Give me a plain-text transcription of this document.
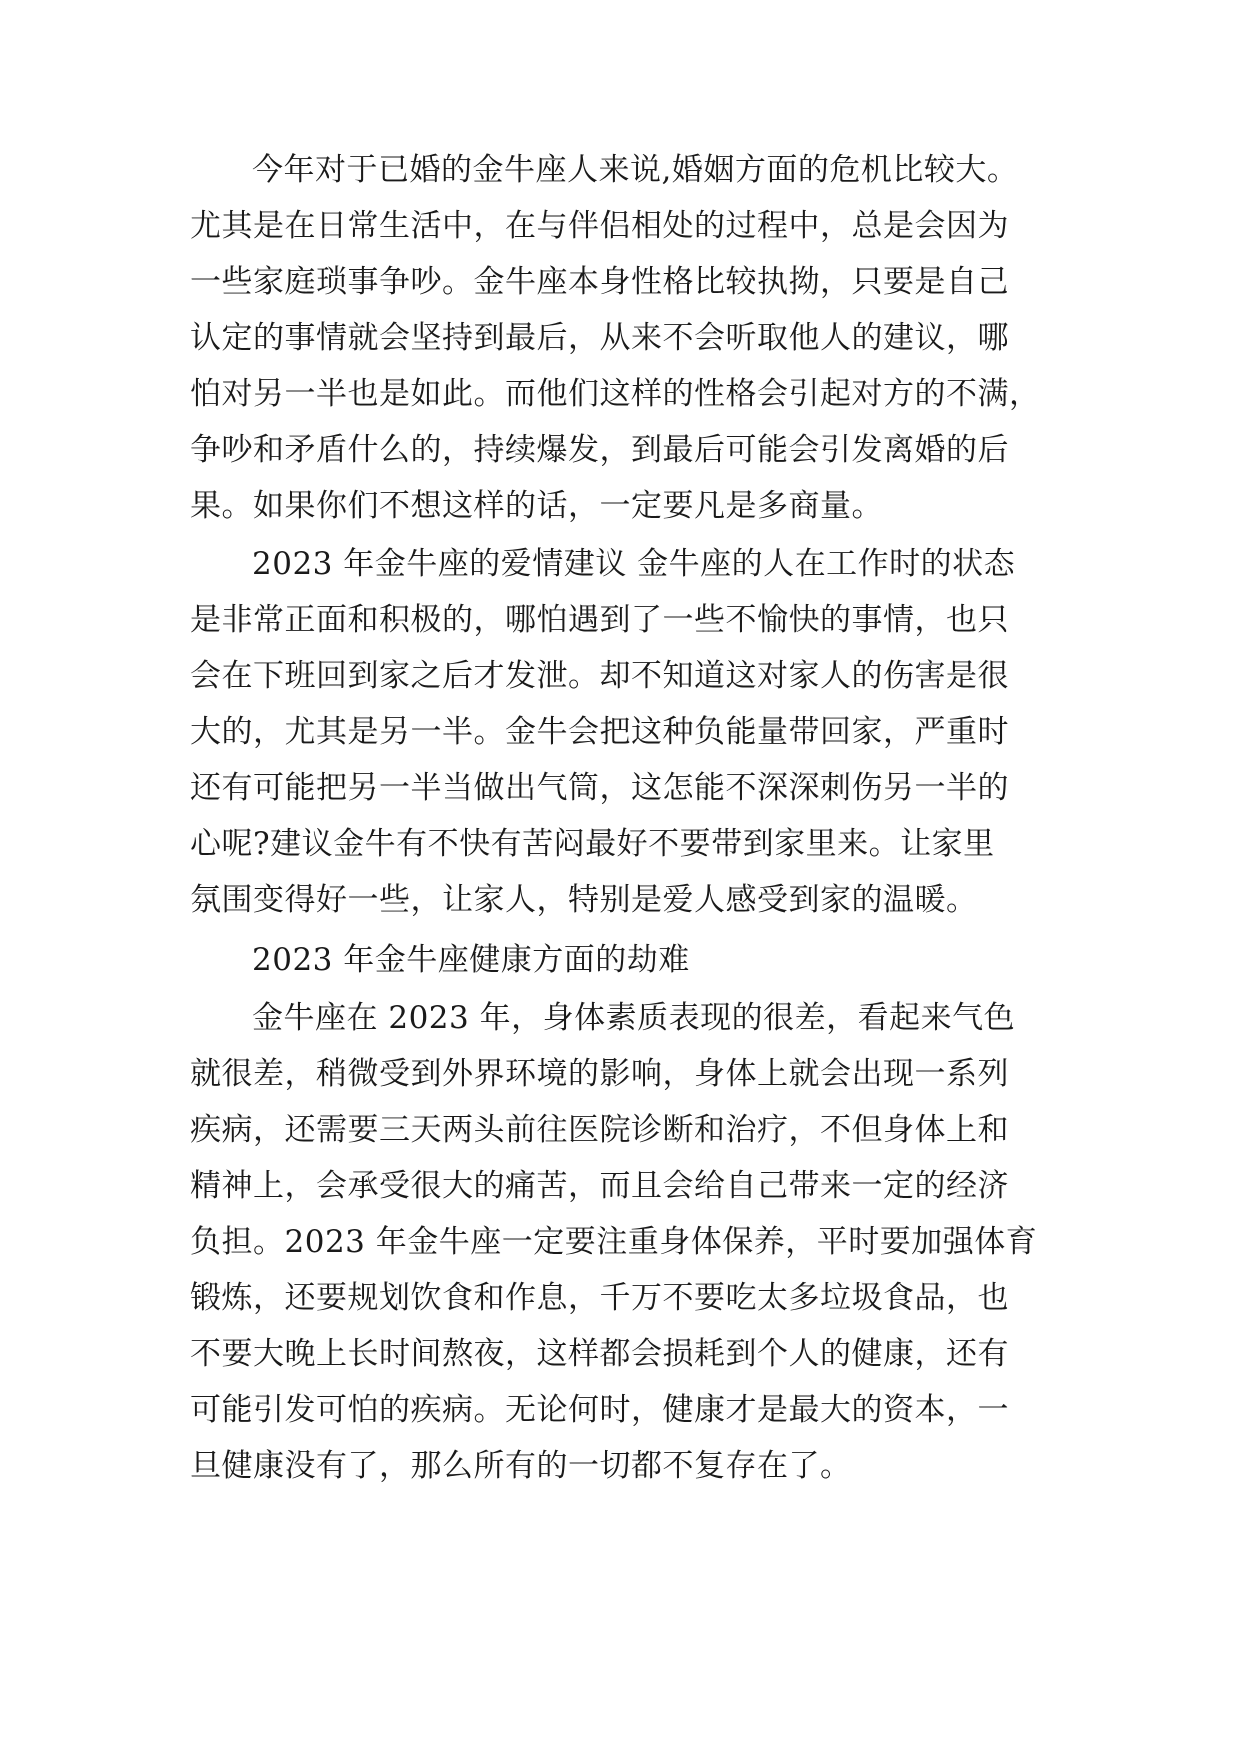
今年对于已婚的金牛座人来说,婚姻方面的危机比较大。
尤其是在日常生活中，在与伴侣相处的过程中，总是会因为
一些家庭琐事争吵。金牛座本身性格比较执拗，只要是自己
认定的事情就会坚持到最后，从来不会听取他人的建议，哪
怕对另一半也是如此。而他们这样的性格会引起对方的不满，
争吵和矛盾什么的，持续爆发，到最后可能会引发离婚的后
果。如果你们不想这样的话，一定要凡是多商量。
2023 年金牛座的爱情建议 金牛座的人在工作时的状态
是非常正面和积极的，哪怕遇到了一些不愉快的事情，也只
会在下班回到家之后才发泄。却不知道这对家人的伤害是很
大的，尤其是另一半。金牛会把这种负能量带回家，严重时
还有可能把另一半当做出气筒，这怎能不深深刺伤另一半的
心呢?建议金牛有不快有苦闷最好不要带到家里来。让家里
氛围变得好一些，让家人，特别是爱人感受到家的温暖。
2023 年金牛座健康方面的劫难
金牛座在 2023 年，身体素质表现的很差，看起来气色
就很差，稍微受到外界环境的影响，身体上就会出现一系列
疾病，还需要三天两头前往医院诊断和治疗，不但身体上和
精神上，会承受很大的痛苦，而且会给自己带来一定的经济
负担。2023 年金牛座一定要注重身体保养，平时要加强体育
锻炼，还要规划饮食和作息，千万不要吃太多垃圾食品，也
不要大晚上长时间熬夜，这样都会损耗到个人的健康，还有
可能引发可怕的疾病。无论何时，健康才是最大的资本，一
旦健康没有了，那么所有的一切都不复存在了。
